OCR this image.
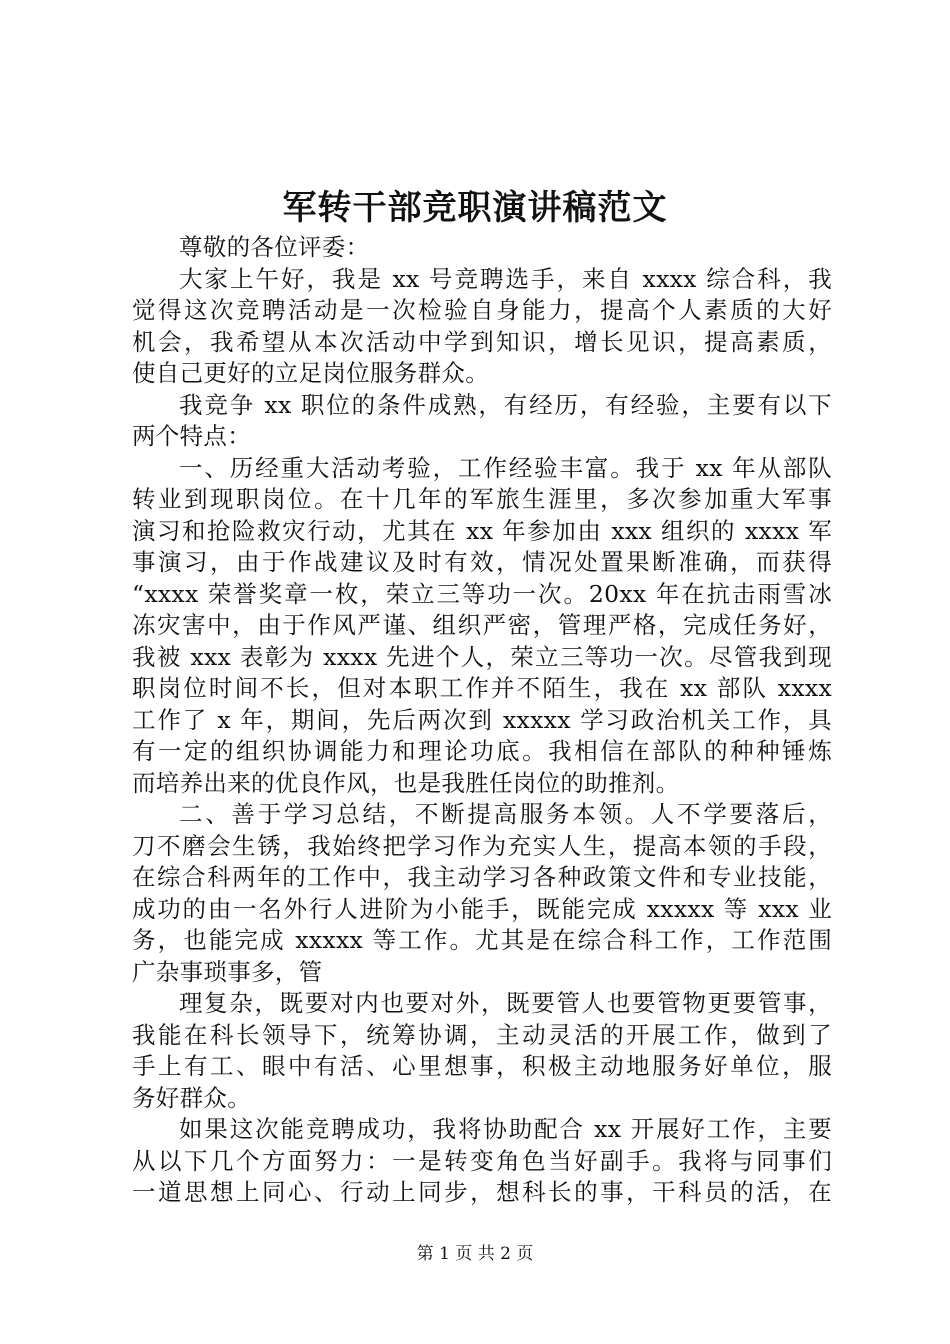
军转干部竞职演讲稿范文
尊敬的各位评委：
大家上午好，我是 xx 号竞聘选手，来自 xxxx 综合科，我
觉得这次竞聘活动是一次检验自身能力，提高个人素质的大好
机会，我希望从本次活动中学到知识，增长见识，提高素质，
使自己更好的立足岗位服务群众。
我竞争 xx 职位的条件成熟，有经历，有经验，主要有以下
两个特点：
一、历经重大活动考验，工作经验丰富。我于 xx 年从部队
转业到现职岗位。在十几年的军旅生涯里，多次参加重大军事
演习和抢险救灾行动，尤其在 xx 年参加由 xxx 组织的 xxxx 军
事演习，由于作战建议及时有效，情况处置果断准确，而获得
“xxxx 荣誉奖章一枚，荣立三等功一次。20xx 年在抗击雨雪冰
冻灾害中，由于作风严谨、组织严密，管理严格，完成任务好，
我被 xxx 表彰为 xxxx 先进个人，荣立三等功一次。尽管我到现
职岗位时间不长，但对本职工作并不陌生，我在 xx 部队 xxxx
工作了 x 年，期间，先后两次到 xxxxx 学习政治机关工作，具
有一定的组织协调能力和理论功底。我相信在部队的种种锤炼
而培养出来的优良作风，也是我胜任岗位的助推剂。
二、善于学习总结，不断提高服务本领。人不学要落后，
刀不磨会生锈，我始终把学习作为充实人生，提高本领的手段，
在综合科两年的工作中，我主动学习各种政策文件和专业技能，
成功的由一名外行人进阶为小能手，既能完成 xxxxx 等 xxx 业
务，也能完成 xxxxx 等工作。尤其是在综合科工作，工作范围
广杂事琐事多，管
理复杂，既要对内也要对外，既要管人也要管物更要管事，
我能在科长领导下，统筹协调，主动灵活的开展工作，做到了
手上有工、眼中有活、心里想事，积极主动地服务好单位，服
务好群众。
如果这次能竞聘成功，我将协助配合 xx 开展好工作，主要
从以下几个方面努力：一是转变角色当好副手。我将与同事们
一道思想上同心、行动上同步，想科长的事，干科员的活，在
第 1 页 共 2 页
